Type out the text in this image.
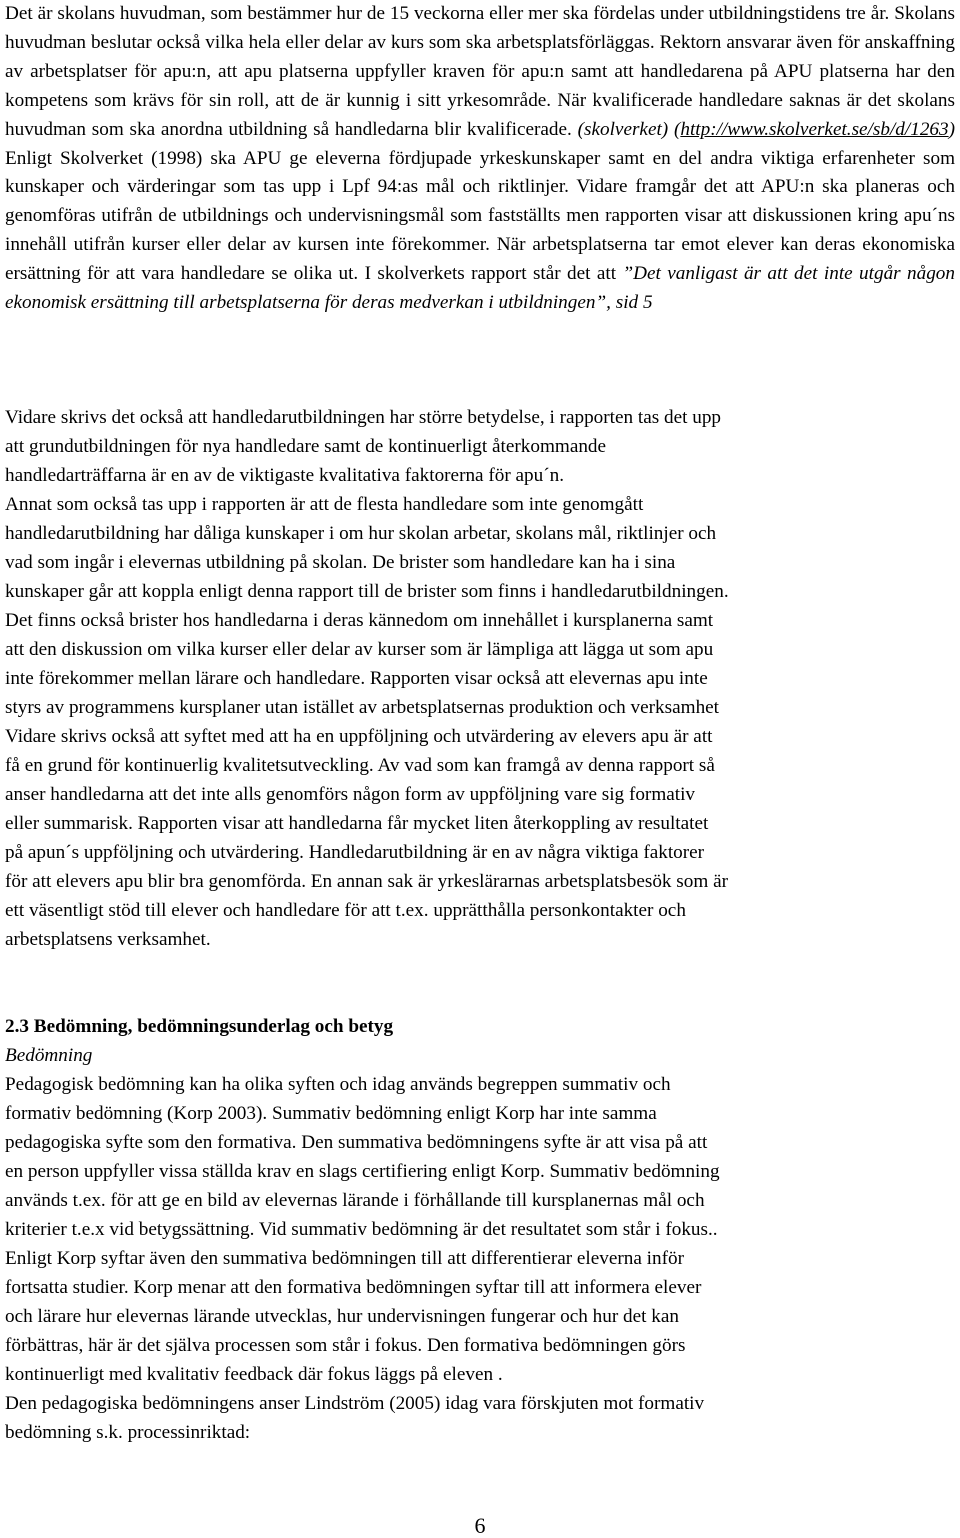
Det är skolans huvudman, som bestämmer hur de 15 veckorna eller mer ska fördelas under utbildningstidens tre år. Skolans huvudman beslutar också vilka hela eller delar av kurs som ska arbetsplatsförläggas. Rektorn ansvarar även för anskaffning av arbetsplatser för apu:n, att apu platserna uppfyller kraven för apu:n samt att handledarena på APU platserna har den kompetens som krävs för sin roll, att de är kunnig i sitt yrkesområde. När kvalificerade handledare saknas är det skolans huvudman som ska anordna utbildning så handledarna blir kvalificerade. (skolverket) (http://www.skolverket.se/sb/d/1263) Enligt Skolverket (1998) ska APU ge eleverna fördjupade yrkeskunskaper samt en del andra viktiga erfarenheter som kunskaper och värderingar som tas upp i Lpf 94:as mål och riktlinjer. Vidare framgår det att APU:n ska planeras och genomföras utifrån de utbildnings och undervisningsmål som fastställts men rapporten visar att diskussionen kring apu´ns innehåll utifrån kurser eller delar av kursen inte förekommer. När arbetsplatserna tar emot elever kan deras ekonomiska ersättning för att vara handledare se olika ut. I skolverkets rapport står det att ”Det vanligast är att det inte utgår någon ekonomisk ersättning till arbetsplatserna för deras medverkan i utbildningen”, sid 5
Vidare skrivs det också att handledarutbildningen har större betydelse, i rapporten tas det upp
att grundutbildningen för nya handledare samt de kontinuerligt återkommande
handledarträffarna är en av de viktigaste kvalitativa faktorerna för apu´n.
Annat som också tas upp i rapporten är att de flesta handledare som inte genomgått
handledarutbildning har dåliga kunskaper i om hur skolan arbetar, skolans mål, riktlinjer och
vad som ingår i elevernas utbildning på skolan. De brister som handledare kan ha i sina
kunskaper går att koppla enligt denna rapport till de brister som finns i handledarutbildningen.
Det finns också brister hos handledarna i deras kännedom om innehållet i kursplanerna samt
att den diskussion om vilka kurser eller delar av kurser som är lämpliga att lägga ut som apu
inte förekommer mellan lärare och handledare. Rapporten visar också att elevernas apu inte
styrs av programmens kursplaner utan istället av arbetsplatsernas produktion och verksamhet
Vidare skrivs också att syftet med att ha en uppföljning och utvärdering av elevers apu är att
få en grund för kontinuerlig kvalitetsutveckling. Av vad som kan framgå av denna rapport så
anser handledarna att det inte alls genomförs någon form av uppföljning vare sig formativ
eller summarisk. Rapporten visar att handledarna får mycket liten återkoppling av resultatet
på apun´s uppföljning och utvärdering. Handledarutbildning är en av några viktiga faktorer
för att elevers apu blir bra genomförda. En annan sak är yrkeslärarnas arbetsplatsbesök som är
ett väsentligt stöd till elever och handledare för att t.ex. upprätthålla personkontakter och
arbetsplatsens verksamhet.
2.3 Bedömning, bedömningsunderlag och betyg
Bedömning
Pedagogisk bedömning kan ha olika syften och idag används begreppen summativ och
formativ bedömning (Korp 2003). Summativ bedömning enligt Korp har inte samma
pedagogiska syfte som den formativa. Den summativa bedömningens syfte är att visa på att
en person uppfyller vissa ställda krav en slags certifiering enligt Korp. Summativ bedömning
används t.ex. för att ge en bild av elevernas lärande i förhållande till kursplanernas mål och
kriterier t.e.x vid betygssättning. Vid summativ bedömning är det resultatet som står i fokus..
Enligt Korp syftar även den summativa bedömningen till att differentierar eleverna inför
fortsatta studier. Korp menar att den formativa bedömningen syftar till att informera elever
och lärare hur elevernas lärande utvecklas, hur undervisningen fungerar och hur det kan
förbättras, här är det själva processen som står i fokus. Den formativa bedömningen görs
kontinuerligt med kvalitativ feedback där fokus läggs på eleven .
Den pedagogiska bedömningens anser Lindström (2005) idag vara förskjuten mot formativ
bedömning s.k. processinriktad:
6
